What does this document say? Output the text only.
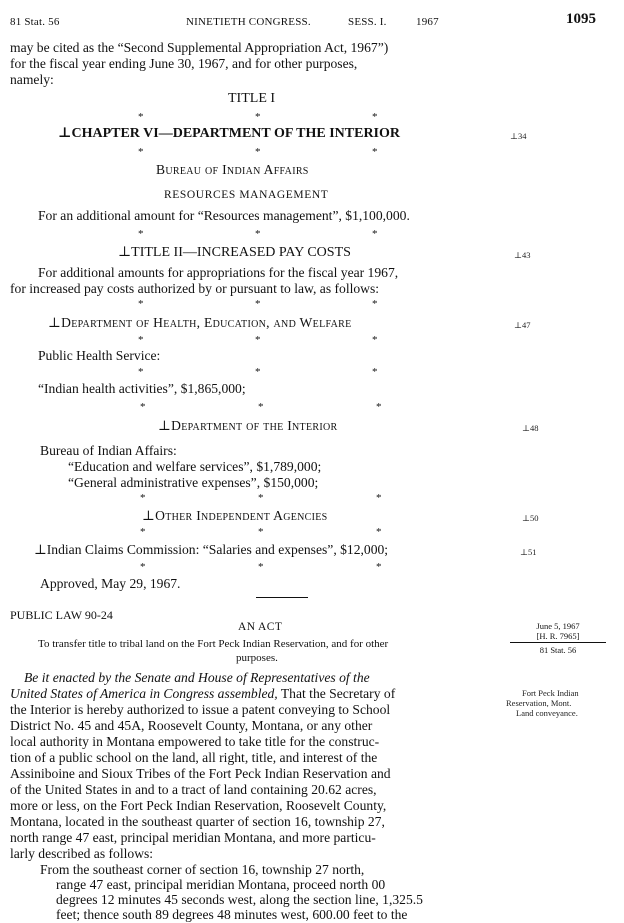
81 Stat. 56	NINETIETH CONGRESS.	SESS. I.	1967	1095
may be cited as the “Second Supplemental Appropriation Act, 1967”)
for the fiscal year ending June 30, 1967, and for other purposes,
namely:
TITLE I
*	*	*
⊥CHAPTER VI—DEPARTMENT OF THE INTERIOR	⊥34
*	*	*
Bureau of Indian Affairs
RESOURCES MANAGEMENT
For an additional amount for “Resources management”, $1,100,000.
*	*	*
⊥TITLE II—INCREASED PAY COSTS	⊥43
For additional amounts for appropriations for the fiscal year 1967,
for increased pay costs authorized by or pursuant to law, as follows:
*	*	*
⊥Department of Health, Education, and Welfare	⊥47
*	*	*
Public Health Service:
*	*	*
“Indian health activities”, $1,865,000;
*	*	*
⊥Department of the Interior	⊥48
Bureau of Indian Affairs:
“Education and welfare services”, $1,789,000;
“General administrative expenses”, $150,000;
*	*	*
⊥Other Independent Agencies	⊥50
*	*	*
⊥Indian Claims Commission: “Salaries and expenses”, $12,000;	⊥51
*	*	*
Approved, May 29, 1967.
PUBLIC LAW 90-24
AN ACT
To transfer title to tribal land on the Fort Peck Indian Reservation, and for other
purposes.
June 5, 1967
[H. R. 7965]
81 Stat. 56
Fort Peck Indian
Reservation, Mont.
Land conveyance.
Be it enacted by the Senate and House of Representatives of the
United States of America in Congress assembled, That the Secretary of
the Interior is hereby authorized to issue a patent conveying to School
District No. 45 and 45A, Roosevelt County, Montana, or any other
local authority in Montana empowered to take title for the construc-
tion of a public school on the land, all right, title, and interest of the
Assiniboine and Sioux Tribes of the Fort Peck Indian Reservation and
of the United States in and to a tract of land containing 20.62 acres,
more or less, on the Fort Peck Indian Reservation, Roosevelt County,
Montana, located in the southeast quarter of section 16, township 27,
north range 47 east, principal meridian Montana, and more particu-
larly described as follows:
From the southeast corner of section 16, township 27 north,
range 47 east, principal meridian Montana, proceed north 00
degrees 12 minutes 45 seconds west, along the section line, 1,325.5
feet; thence south 89 degrees 48 minutes west, 600.00 feet to the
